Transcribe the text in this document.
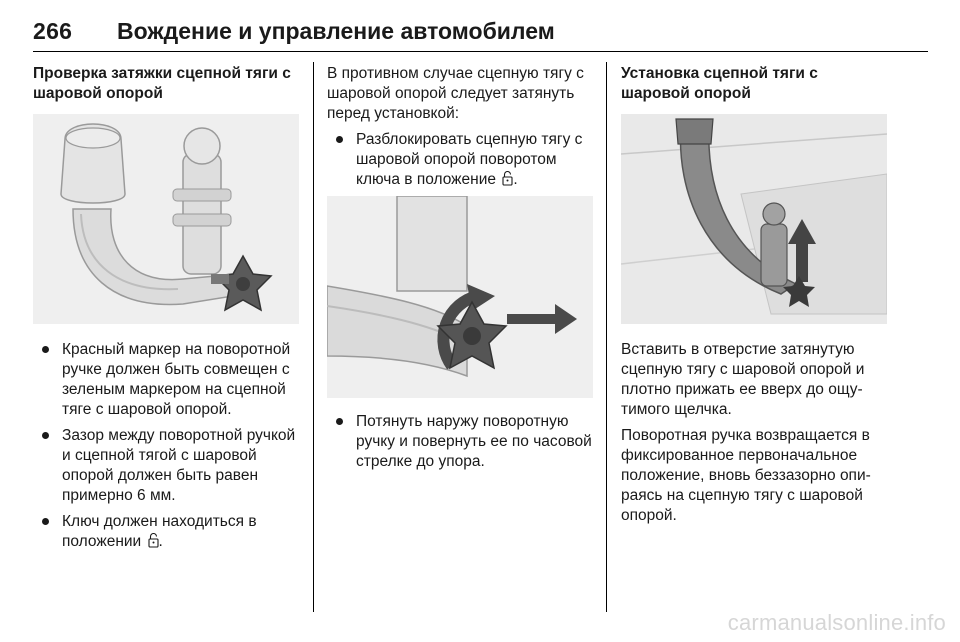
266 Вождение и управление автомобилем
Проверка затяжки сцепной тяги с шаровой опорой
Красный маркер на поворотной ручке должен быть совмещен с зеленым маркером на сцепной тяге с шаровой опорой.
Зазор между поворотной ручкой и сцепной тягой с шаровой опорой должен быть равен примерно 6 мм.
Ключ должен находиться в положении .

В противном случае сцепную тягу с шаровой опорой следует затянуть перед установкой:

Разблокировать сцепную тягу с шаровой опорой поворотом ключа в положение .
Потянуть наружу поворотную ручку и повернуть ее по часовой стрелке до упора.
Установка сцепной тяги с шаровой опорой

Вставить в отверстие затянутую сцепную тягу с шаровой опорой и плотно прижать ее вверх до ощутимого щелчка.

Поворотная ручка возвращается в фиксированное первоначальное положение, вновь беззазорно опираясь на сцепную тягу с шаровой опорой.

carmanualsonline.info
